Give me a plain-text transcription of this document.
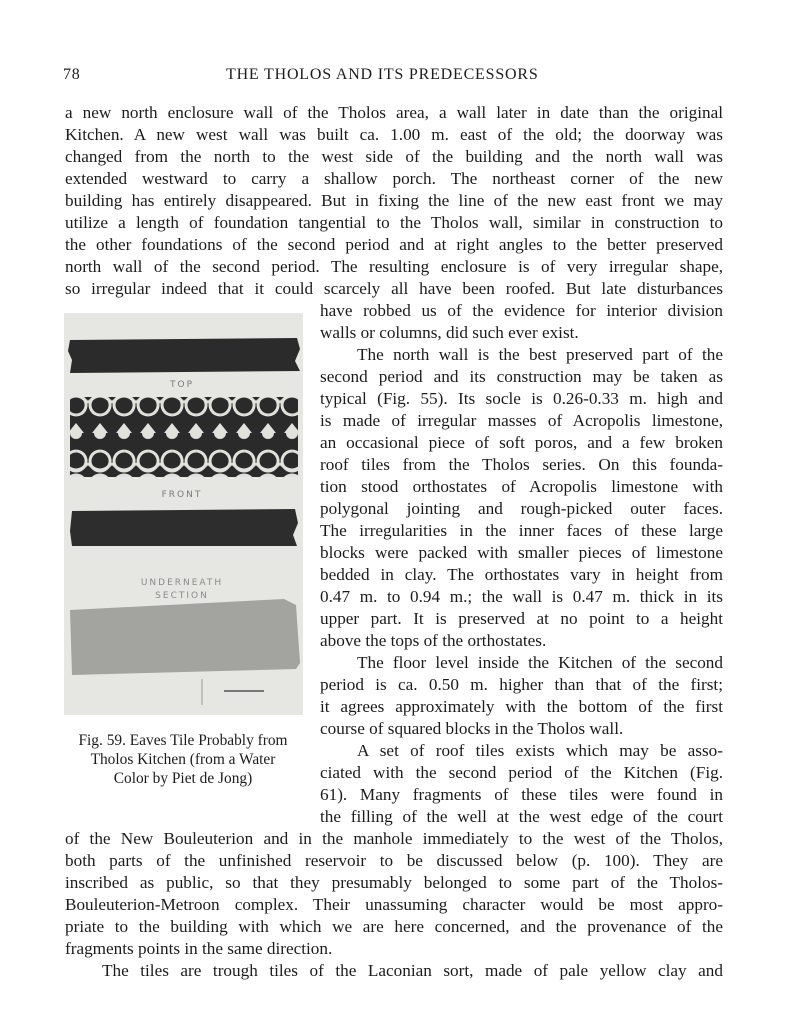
78	THE THOLOS AND ITS PREDECESSORS
TOP
FRONT
UNDERNEATH
SECTION
Fig. 59. Eaves Tile Probably from
Tholos Kitchen (from a Water
Color by Piet de Jong)
a new north enclosure wall of the Tholos area, a wall later in date than the original
Kitchen. A new west wall was built ca. 1.00 m. east of the old; the doorway was
changed from the north to the west side of the building and the north wall was
extended westward to carry a shallow porch. The northeast corner of the new
building has entirely disappeared. But in fixing the line of the new east front we may
utilize a length of foundation tangential to the Tholos wall, similar in construction to
the other foundations of the second period and at right angles to the better preserved
north wall of the second period. The resulting enclosure is of very irregular shape,
so irregular indeed that it could scarcely all have been roofed. But late disturbances
have robbed us of the evidence for interior division
walls or columns, did such ever exist.
The north wall is the best preserved part of the
second period and its construction may be taken as
typical (Fig. 55). Its socle is 0.26-0.33 m. high and
is made of irregular masses of Acropolis limestone,
an occasional piece of soft poros, and a few broken
roof tiles from the Tholos series. On this founda-
tion stood orthostates of Acropolis limestone with
polygonal jointing and rough-picked outer faces.
The irregularities in the inner faces of these large
blocks were packed with smaller pieces of limestone
bedded in clay. The orthostates vary in height from
0.47 m. to 0.94 m.; the wall is 0.47 m. thick in its
upper part. It is preserved at no point to a height
above the tops of the orthostates.
The floor level inside the Kitchen of the second
period is ca. 0.50 m. higher than that of the first;
it agrees approximately with the bottom of the first
course of squared blocks in the Tholos wall.
A set of roof tiles exists which may be asso-
ciated with the second period of the Kitchen (Fig.
61). Many fragments of these tiles were found in
the filling of the well at the west edge of the court
of the New Bouleuterion and in the manhole immediately to the west of the Tholos,
both parts of the unfinished reservoir to be discussed below (p. 100). They are
inscribed as public, so that they presumably belonged to some part of the Tholos-
Bouleuterion-Metroon complex. Their unassuming character would be most appro-
priate to the building with which we are here concerned, and the provenance of the
fragments points in the same direction.
The tiles are trough tiles of the Laconian sort, made of pale yellow clay and
